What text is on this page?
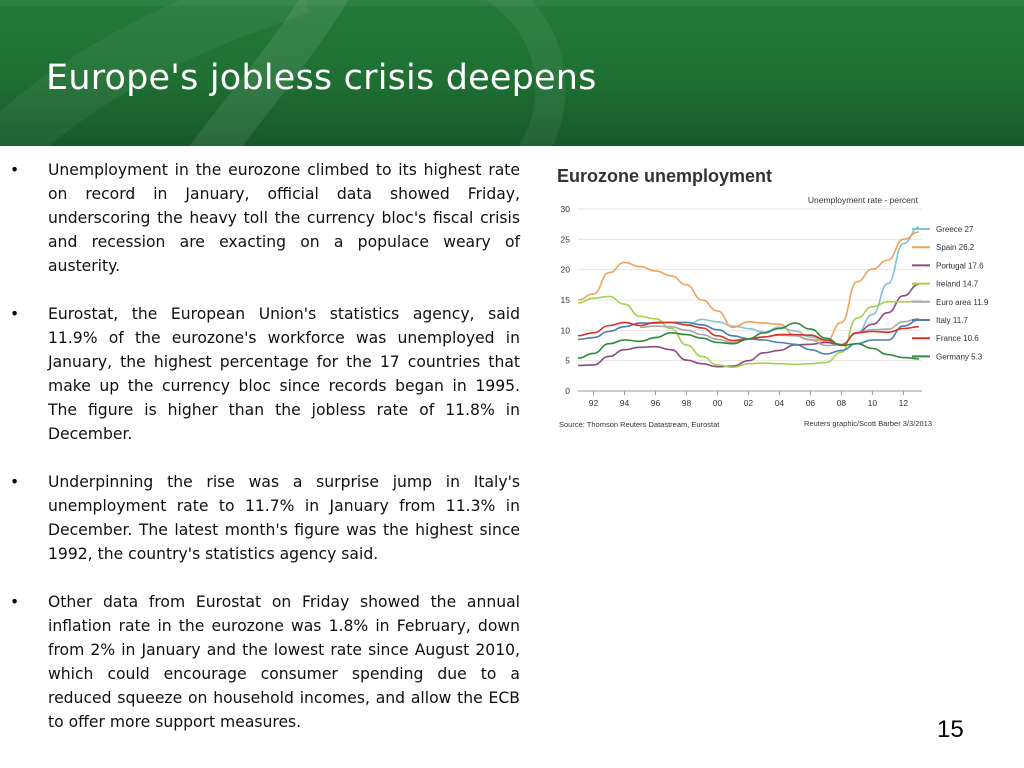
Europe's jobless crisis deepens
• Unemployment in the eurozone climbed to its highest rate on record in January, official data showed Friday, underscoring the heavy toll the currency bloc's fiscal crisis and recession are exacting on a populace weary of austerity.
• Eurostat, the European Union's statistics agency, said 11.9% of the eurozone's workforce was unemployed in January, the highest percentage for the 17 countries that make up the currency bloc since records began in 1995. The figure is higher than the jobless rate of 11.8% in December.
• Underpinning the rise was a surprise jump in Italy's unemployment rate to 11.7% in January from 11.3% in December. The latest month's figure was the highest since 1992, the country's statistics agency said.
• Other data from Eurostat on Friday showed the annual inflation rate in the eurozone was 1.8% in February, down from 2% in January and the lowest rate since August 2010, which could encourage consumer spending due to a reduced squeeze on household incomes, and allow the ECB to offer more support measures.
Eurozone unemployment
Unemployment rate - percent
0
5
10
15
20
25
30
92	94	96	98	00	02	04	06	08	10	12
Greece 27
Spain 26.2
Portugal 17.6
Ireland 14.7
Euro area 11.9
Italy 11.7
France 10.6
Germany 5.3
Source: Thomson Reuters Datastream, Eurostat	Reuters graphic/Scott Barber 3/3/2013
15
